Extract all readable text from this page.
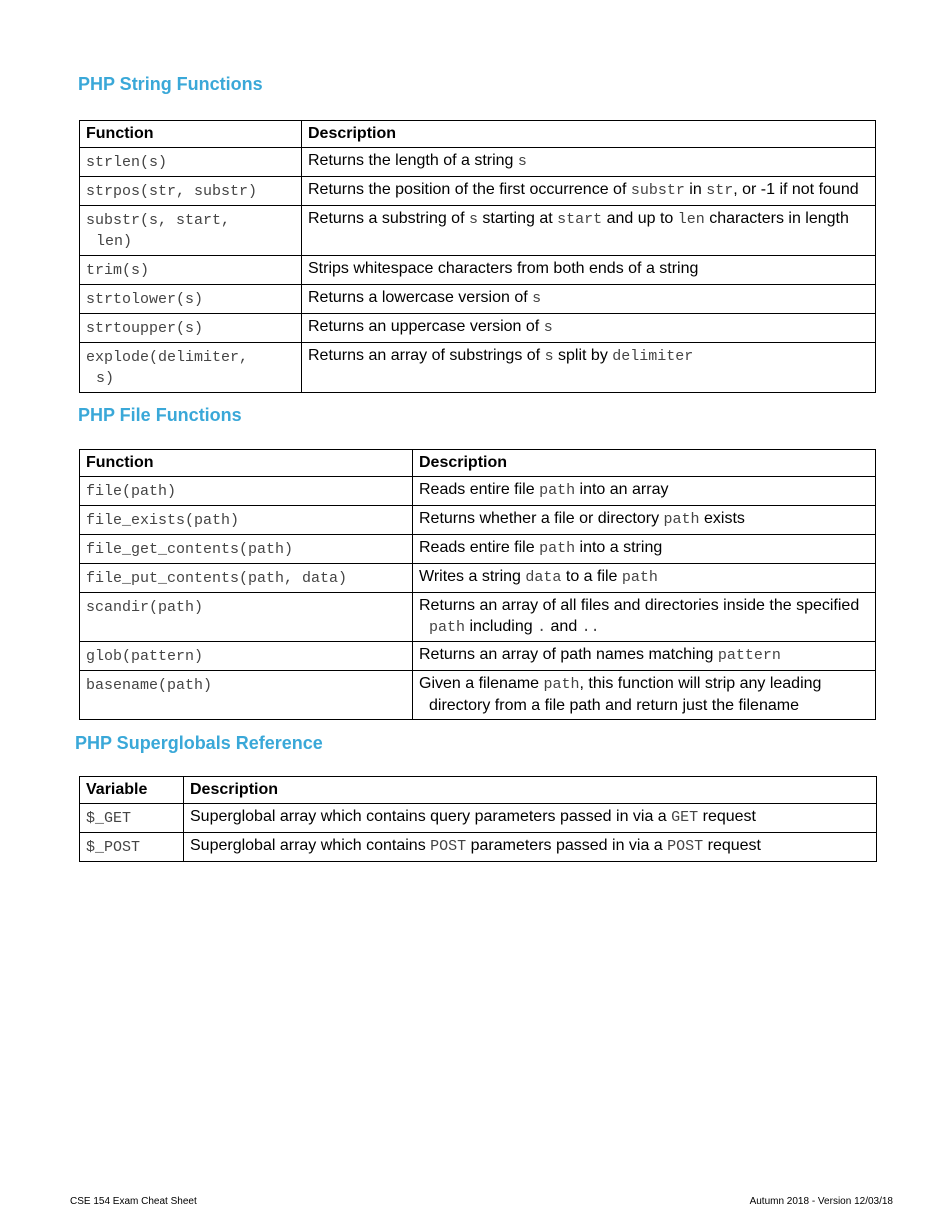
PHP String Functions
Function	Description
strlen(s)	Returns the length of a string s

strpos(str, substr)	Returns the position of the first occurrence of substr in str, or -1 if not found

substr(s, start,
len)	Returns a substring of s starting at start and up to len characters in length

trim(s)	Strips whitespace characters from both ends of a string

strtolower(s)	Returns a lowercase version of s

strtoupper(s)	Returns an uppercase version of s

explode(delimiter,
s)	Returns an array of substrings of s split by delimiter
PHP File Functions
Function	Description
file(path)	Reads entire file path into an array

file_exists(path)	Returns whether a file or directory path exists

file_get_contents(path)	Reads entire file path into a string

file_put_contents(path, data)	Writes a string data to a file path

scandir(path)	Returns an array of all files and directories inside the specified path including . and ..

glob(pattern)	Returns an array of path names matching pattern

basename(path)	Given a filename path, this function will strip any leading directory from a file path and return just the filename
PHP Superglobals Reference
Variable	Description
$_GET	Superglobal array which contains query parameters passed in via a GET request

$_POST	Superglobal array which contains POST parameters passed in via a POST request
CSE 154 Exam Cheat Sheet	Autumn 2018 - Version 12/03/18
